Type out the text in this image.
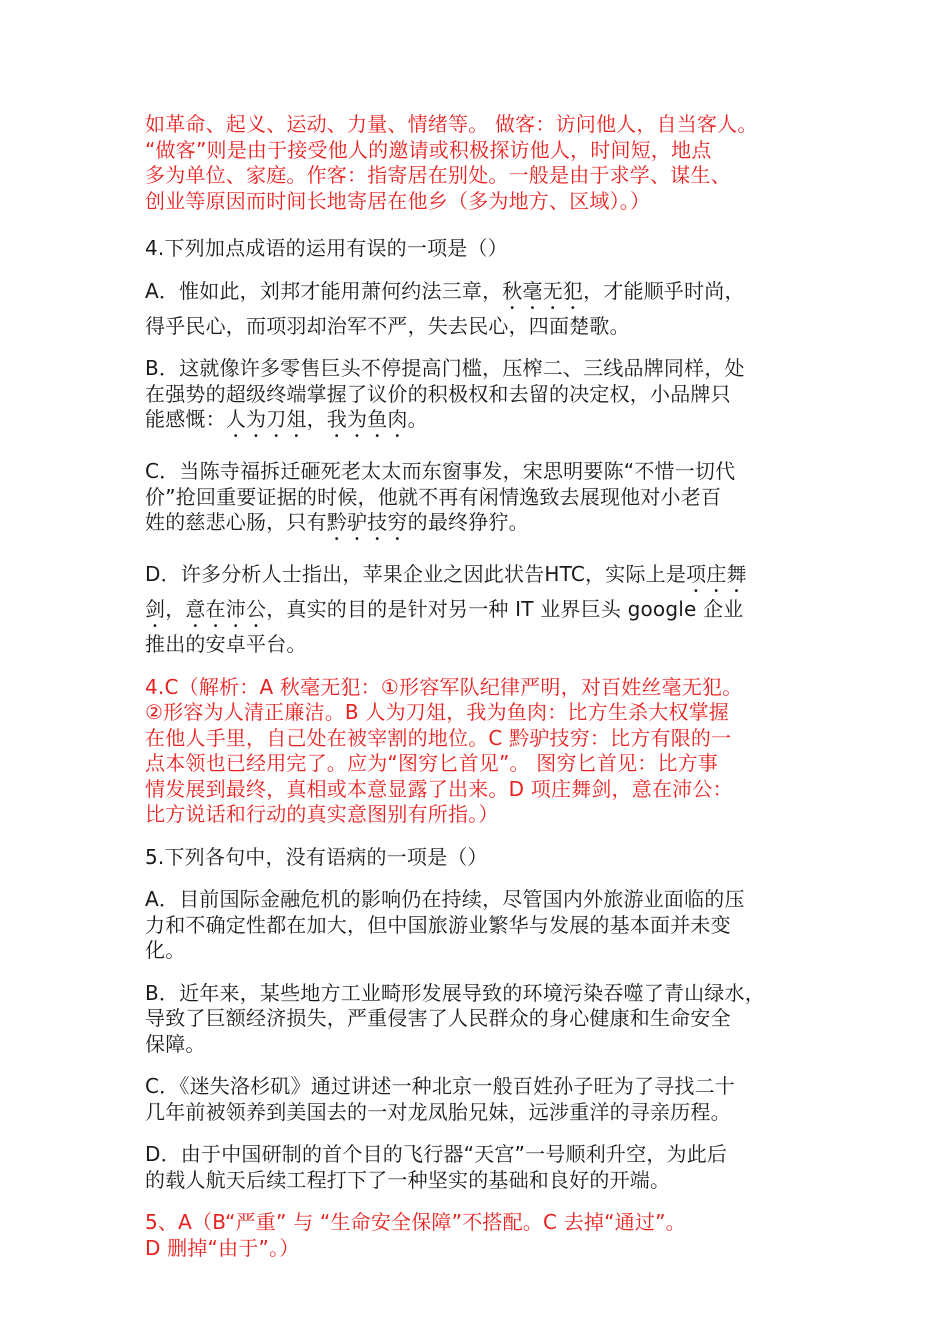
如革命、起义、运动、力量、情绪等。 做客：访问他人，自当客人。
“做客”则是由于接受他人的邀请或积极探访他人，时间短，地点
多为单位、家庭。作客：指寄居在别处。一般是由于求学、谋生、
创业等原因而时间长地寄居在他乡（多为地方、区域）。）
4.下列加点成语的运用有误的一项是（）
A．惟如此，刘邦才能用萧何约法三章，秋毫无犯，才能顺乎时尚，
得乎民心，而项羽却治军不严，失去民心，四面楚歌。
B．这就像许多零售巨头不停提高门槛，压榨二、三线品牌同样，处
在强势的超级终端掌握了议价的积极权和去留的决定权，小品牌只
能感慨：人为刀俎，我为鱼肉。
C．当陈寺福拆迁砸死老太太而东窗事发，宋思明要陈“不惜一切代
价”抢回重要证据的时候，他就不再有闲情逸致去展现他对小老百
姓的慈悲心肠，只有黔驴技穷的最终狰狞。
D．许多分析人士指出，苹果企业之因此状告HTC，实际上是项庄舞
剑，意在沛公，真实的目的是针对另一种 IT 业界巨头 google 企业
推出的安卓平台。
4.C（解析：A 秋毫无犯：①形容军队纪律严明，对百姓丝毫无犯。
②形容为人清正廉洁。B 人为刀俎，我为鱼肉：比方生杀大权掌握
在他人手里，自己处在被宰割的地位。C 黔驴技穷：比方有限的一
点本领也已经用完了。应为“图穷匕首见”。 图穷匕首见：比方事
情发展到最终，真相或本意显露了出来。D 项庄舞剑，意在沛公：
比方说话和行动的真实意图别有所指。）
5.下列各句中，没有语病的一项是（）
A．目前国际金融危机的影响仍在持续，尽管国内外旅游业面临的压
力和不确定性都在加大，但中国旅游业繁华与发展的基本面并未变
化。
B．近年来，某些地方工业畸形发展导致的环境污染吞噬了青山绿水，
导致了巨额经济损失，严重侵害了人民群众的身心健康和生命安全
保障。
C．《迷失洛杉矶》通过讲述一种北京一般百姓孙子旺为了寻找二十
几年前被领养到美国去的一对龙凤胎兄妹，远涉重洋的寻亲历程。
D．由于中国研制的首个目的飞行器“天宫”一号顺利升空，为此后
的载人航天后续工程打下了一种坚实的基础和良好的开端。
5、A（B“严重” 与 “生命安全保障”不搭配。C 去掉“通过”。
D 删掉“由于”。）
